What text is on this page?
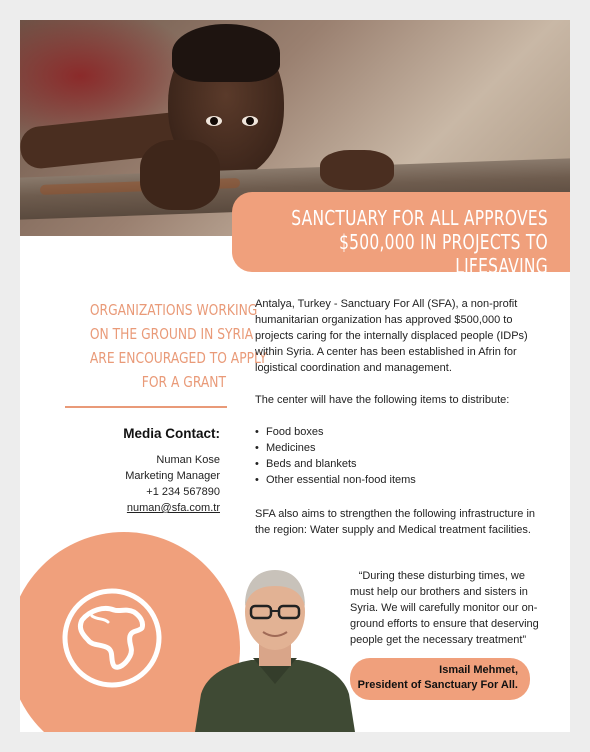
SANCTUARY FOR ALL APPROVES
$500,000 IN PROJECTS TO LIFESAVING
ORGANIZATIONS WORKING
ON THE GROUND IN SYRIA
ARE ENCOURAGED TO APPLY
FOR A GRANT
Media Contact:
Numan Kose
Marketing Manager
+1 234 567890
numan@sfa.com.tr

Antalya, Turkey - Sanctuary For All (SFA), a non-profit humanitarian organization has approved $500,000 to projects caring for the internally displaced people (IDPs) within Syria. A center has been established in Afrin for logistical coordination and management.

The center will have the following items to distribute:

• Food boxes
• Medicines
• Beds and blankets
• Other essential non-food items

SFA also aims to strengthen the following infrastructure in the region: Water supply and Medical treatment facilities.

“During these disturbing times, we
must help our brothers and sisters in
Syria. We will carefully monitor our on-
ground efforts to ensure that deserving
people get the necessary treatment”
Ismail Mehmet,
President of Sanctuary For All.
